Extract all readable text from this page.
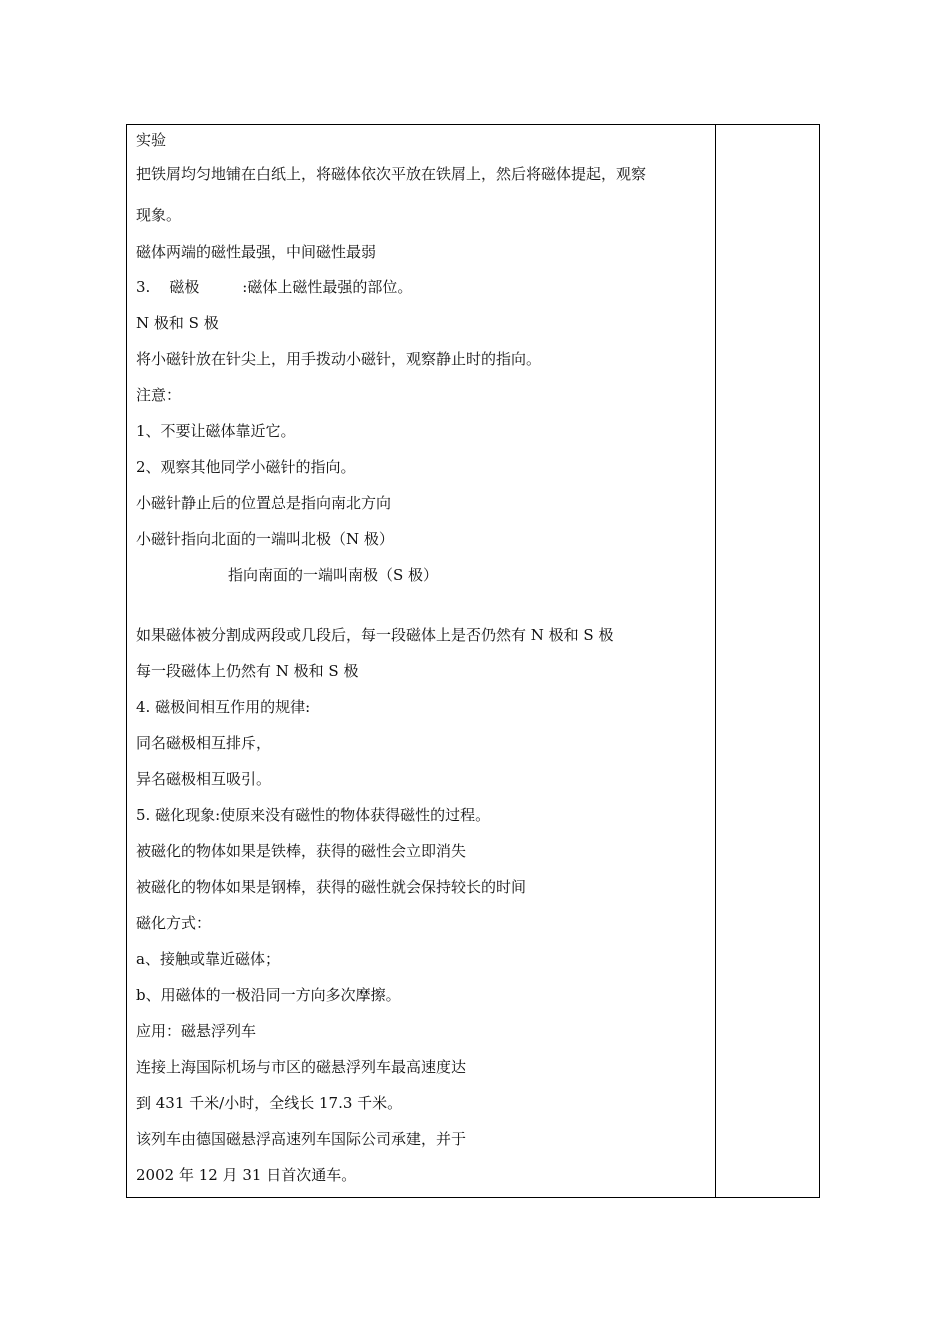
实验
把铁屑均匀地铺在白纸上，将磁体依次平放在铁屑上，然后将磁体提起，观察
现象。
磁体两端的磁性最强，中间磁性最弱
3.    磁极         :磁体上磁性最强的部位。
N 极和 S 极
将小磁针放在针尖上，用手拨动小磁针，观察静止时的指向。
注意：
1、不要让磁体靠近它。
2、观察其他同学小磁针的指向。
小磁针静止后的位置总是指向南北方向
小磁针指向北面的一端叫北极（N 极）
指向南面的一端叫南极（S 极）
如果磁体被分割成两段或几段后，每一段磁体上是否仍然有 N 极和 S 极
每一段磁体上仍然有 N 极和 S 极
4. 磁极间相互作用的规律:
同名磁极相互排斥，
异名磁极相互吸引。
5. 磁化现象:使原来没有磁性的物体获得磁性的过程。
被磁化的物体如果是铁棒，获得的磁性会立即消失
被磁化的物体如果是钢棒，获得的磁性就会保持较长的时间
磁化方式：
a、接触或靠近磁体；
b、用磁体的一极沿同一方向多次摩擦。
应用：磁悬浮列车
连接上海国际机场与市区的磁悬浮列车最高速度达
到 431 千米/小时，全线长 17.3 千米。
该列车由德国磁悬浮高速列车国际公司承建，并于
2002 年 12 月 31 日首次通车。
